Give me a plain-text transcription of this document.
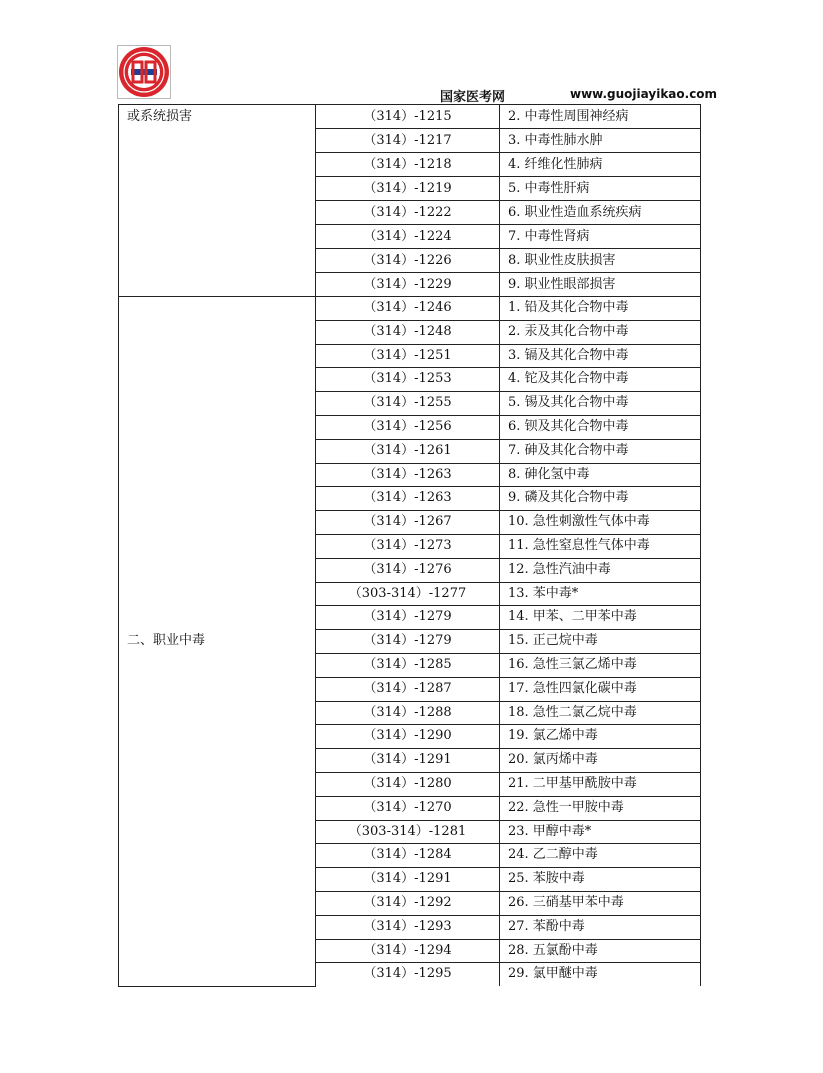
国家医考网	www.guojiayikao.com
或系统损害	（314）-1215	2. 中毒性周围神经病
	（314）-1217	3. 中毒性肺水肿
	（314）-1218	4. 纤维化性肺病
	（314）-1219	5. 中毒性肝病
	（314）-1222	6. 职业性造血系统疾病
	（314）-1224	7. 中毒性肾病
	（314）-1226	8. 职业性皮肤损害
	（314）-1229	9. 职业性眼部损害
二、职业中毒	（314）-1246	1. 铅及其化合物中毒
	（314）-1248	2. 汞及其化合物中毒
	（314）-1251	3. 镉及其化合物中毒
	（314）-1253	4. 铊及其化合物中毒
	（314）-1255	5. 锡及其化合物中毒
	（314）-1256	6. 钡及其化合物中毒
	（314）-1261	7. 砷及其化合物中毒
	（314）-1263	8. 砷化氢中毒
	（314）-1263	9. 磷及其化合物中毒
	（314）-1267	10. 急性刺激性气体中毒
	（314）-1273	11. 急性窒息性气体中毒
	（314）-1276	12. 急性汽油中毒
	（303-314）-1277	13. 苯中毒*
	（314）-1279	14. 甲苯、二甲苯中毒
	（314）-1279	15. 正己烷中毒
	（314）-1285	16. 急性三氯乙烯中毒
	（314）-1287	17. 急性四氯化碳中毒
	（314）-1288	18. 急性二氯乙烷中毒
	（314）-1290	19. 氯乙烯中毒
	（314）-1291	20. 氯丙烯中毒
	（314）-1280	21. 二甲基甲酰胺中毒
	（314）-1270	22. 急性一甲胺中毒
	（303-314）-1281	23. 甲醇中毒*
	（314）-1284	24. 乙二醇中毒
	（314）-1291	25. 苯胺中毒
	（314）-1292	26. 三硝基甲苯中毒
	（314）-1293	27. 苯酚中毒
	（314）-1294	28. 五氯酚中毒
	（314）-1295	29. 氯甲醚中毒
